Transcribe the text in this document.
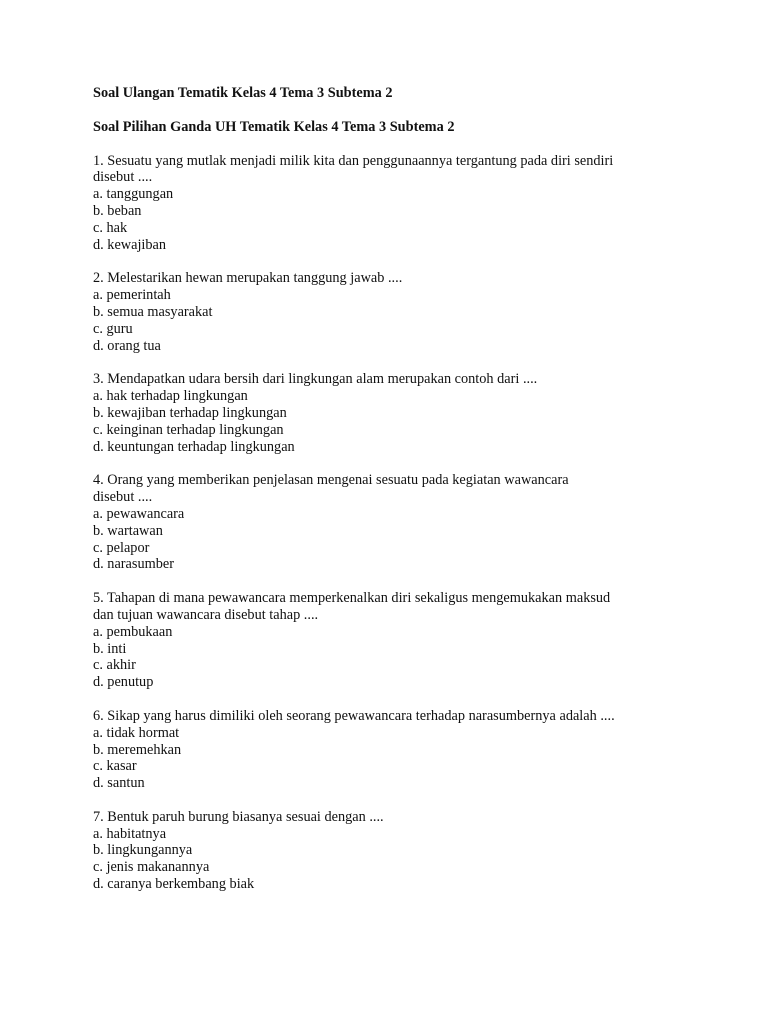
Soal Ulangan Tematik Kelas 4 Tema 3 Subtema 2

Soal Pilihan Ganda UH Tematik Kelas 4 Tema 3 Subtema 2

1. Sesuatu yang mutlak menjadi milik kita dan penggunaannya tergantung pada diri sendiri
disebut ....

a. tanggungan
b. beban
c. hak
d. kewajiban

2. Melestarikan hewan merupakan tanggung jawab ....

a. pemerintah
b. semua masyarakat
c. guru
d. orang tua

3. Mendapatkan udara bersih dari lingkungan alam merupakan contoh dari ....

a. hak terhadap lingkungan
b. kewajiban terhadap lingkungan
c. keinginan terhadap lingkungan
d. keuntungan terhadap lingkungan

4. Orang yang memberikan penjelasan mengenai sesuatu pada kegiatan wawancara
disebut ....

a. pewawancara
b. wartawan
c. pelapor
d. narasumber

5. Tahapan di mana pewawancara memperkenalkan diri sekaligus mengemukakan maksud
dan tujuan wawancara disebut tahap ....

a. pembukaan
b. inti
c. akhir
d. penutup

6. Sikap yang harus dimiliki oleh seorang pewawancara terhadap narasumbernya adalah ....

a. tidak hormat
b. meremehkan
c. kasar
d. santun

7. Bentuk paruh burung biasanya sesuai dengan ....

a. habitatnya
b. lingkungannya
c. jenis makanannya
d. caranya berkembang biak
